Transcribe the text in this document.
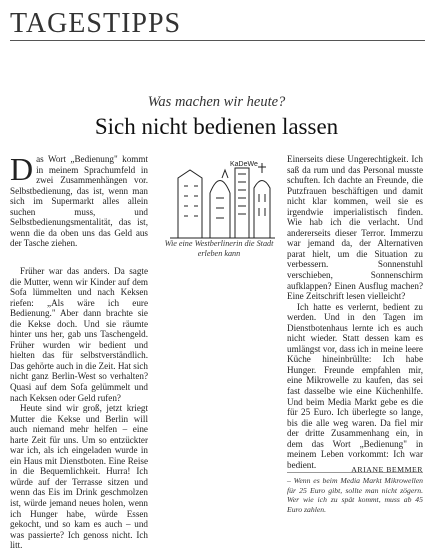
TAGESTIPPS
Was machen wir heute?
Sich nicht bedienen lassen
D as Wort „Bedienung" kommt in meinem Sprachumfeld in zwei Zusammenhängen vor. Selbstbedienung, das ist, wenn man sich im Supermarkt alles allein suchen muss, und Selbstbedienungsmentalität, das ist, wenn die da oben uns das Geld aus der Tasche ziehen.

KaDeWe
Wie eine Westberlinerin die Stadt erleben kann

Früher war das anders. Da sagte die Mutter, wenn wir Kinder auf dem Sofa lümmelten und nach Keksen riefen: „Als wäre ich eure Bedienung." Aber dann brachte sie die Kekse doch. Und sie räumte hinter uns her, gab uns Taschengeld. Früher wurden wir bedient und hielten das für selbstverständlich. Das gehörte auch in die Zeit. Hat sich nicht ganz Berlin-West so verhalten? Quasi auf dem Sofa gelümmelt und nach Keksen oder Geld rufen?

Heute sind wir groß, jetzt kriegt Mutter die Kekse und Berlin will auch niemand mehr helfen – eine harte Zeit für uns. Um so entzückter war ich, als ich eingeladen wurde in ein Haus mit Dienstboten. Eine Reise in die Bequemlichkeit. Hurra! Ich würde auf der Terrasse sitzen und wenn das Eis im Drink geschmolzen ist, würde jemand neues holen, wenn ich Hunger habe, würde Essen gekocht, und so kam es auch – und was passierte? Ich genoss nicht. Ich litt.

Einerseits diese Ungerechtigkeit. Ich saß da rum und das Personal musste schuften. Ich dachte an Freunde, die Putzfrauen beschäftigen und damit nicht klar kommen, weil sie es irgendwie imperialistisch finden. Wie hab ich die verlacht. Und andererseits dieser Terror. Immerzu war jemand da, der Alternativen parat hielt, um die Situation zu verbessern. Sonnenstuhl verschieben, Sonnenschirm aufklappen? Einen Ausflug machen? Eine Zeitschrift lesen vielleicht?

Ich hatte es verlernt, bedient zu werden. Und in den Tagen im Dienstbotenhaus lernte ich es auch nicht wieder. Statt dessen kam es umlängst vor, dass ich in meine leere Küche hineinbrüllte: Ich habe Hunger. Freunde empfahlen mir, eine Mikrowelle zu kaufen, das sei fast dasselbe wie eine Küchenhilfe. Und beim Media Markt gebe es die für 25 Euro. Ich überlegte so lange, bis die alle weg waren. Da fiel mir der dritte Zusammenhang ein, in dem das Wort „Bedienung" in meinem Leben vorkommt: Ich war bedient.	ARIANE BEMMER
– Wenn es beim Media Markt Mikrowellen für 25 Euro gibt, sollte man nicht zögern. Wer wie ich zu spät kommt, muss ab 45 Euro zahlen.
